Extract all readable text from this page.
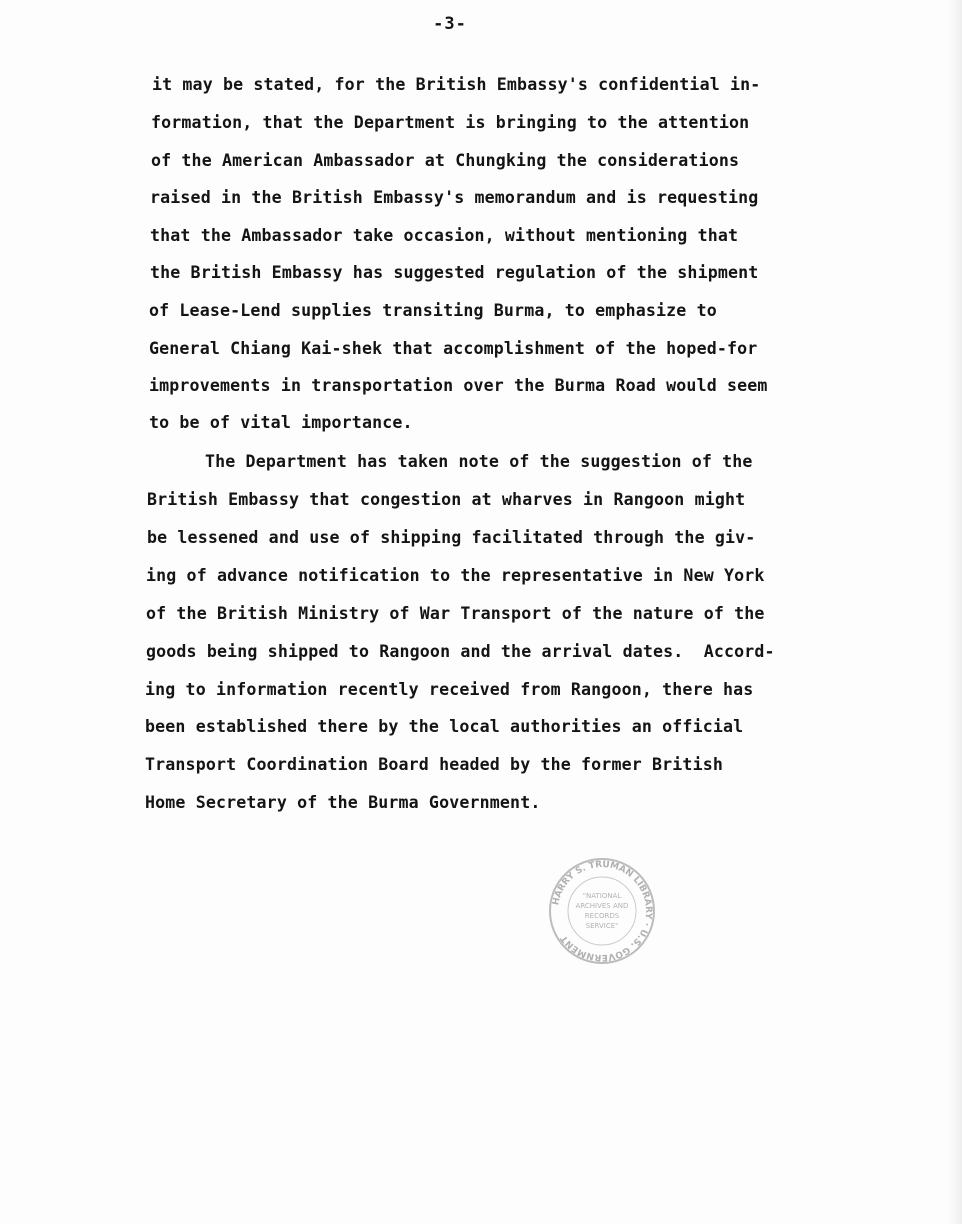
-3-
it may be stated, for the British Embassy's confidential in-
formation, that the Department is bringing to the attention
of the American Ambassador at Chungking the considerations
raised in the British Embassy's memorandum and is requesting
that the Ambassador take occasion, without mentioning that
the British Embassy has suggested regulation of the shipment
of Lease-Lend supplies transiting Burma, to emphasize to
General Chiang Kai-shek that accomplishment of the hoped-for
improvements in transportation over the Burma Road would seem
to be of vital importance.
The Department has taken note of the suggestion of the
British Embassy that congestion at wharves in Rangoon might
be lessened and use of shipping facilitated through the giv-
ing of advance notification to the representative in New York
of the British Ministry of War Transport of the nature of the
goods being shipped to Rangoon and the arrival dates.  Accord-
ing to information recently received from Rangoon, there has
been established there by the local authorities an official
Transport Coordination Board headed by the former British
Home Secretary of the Burma Government.
HARRY S. TRUMAN LIBRARY · U.S. GOVERNMENT
"NATIONAL
ARCHIVES AND
RECORDS
SERVICE"
